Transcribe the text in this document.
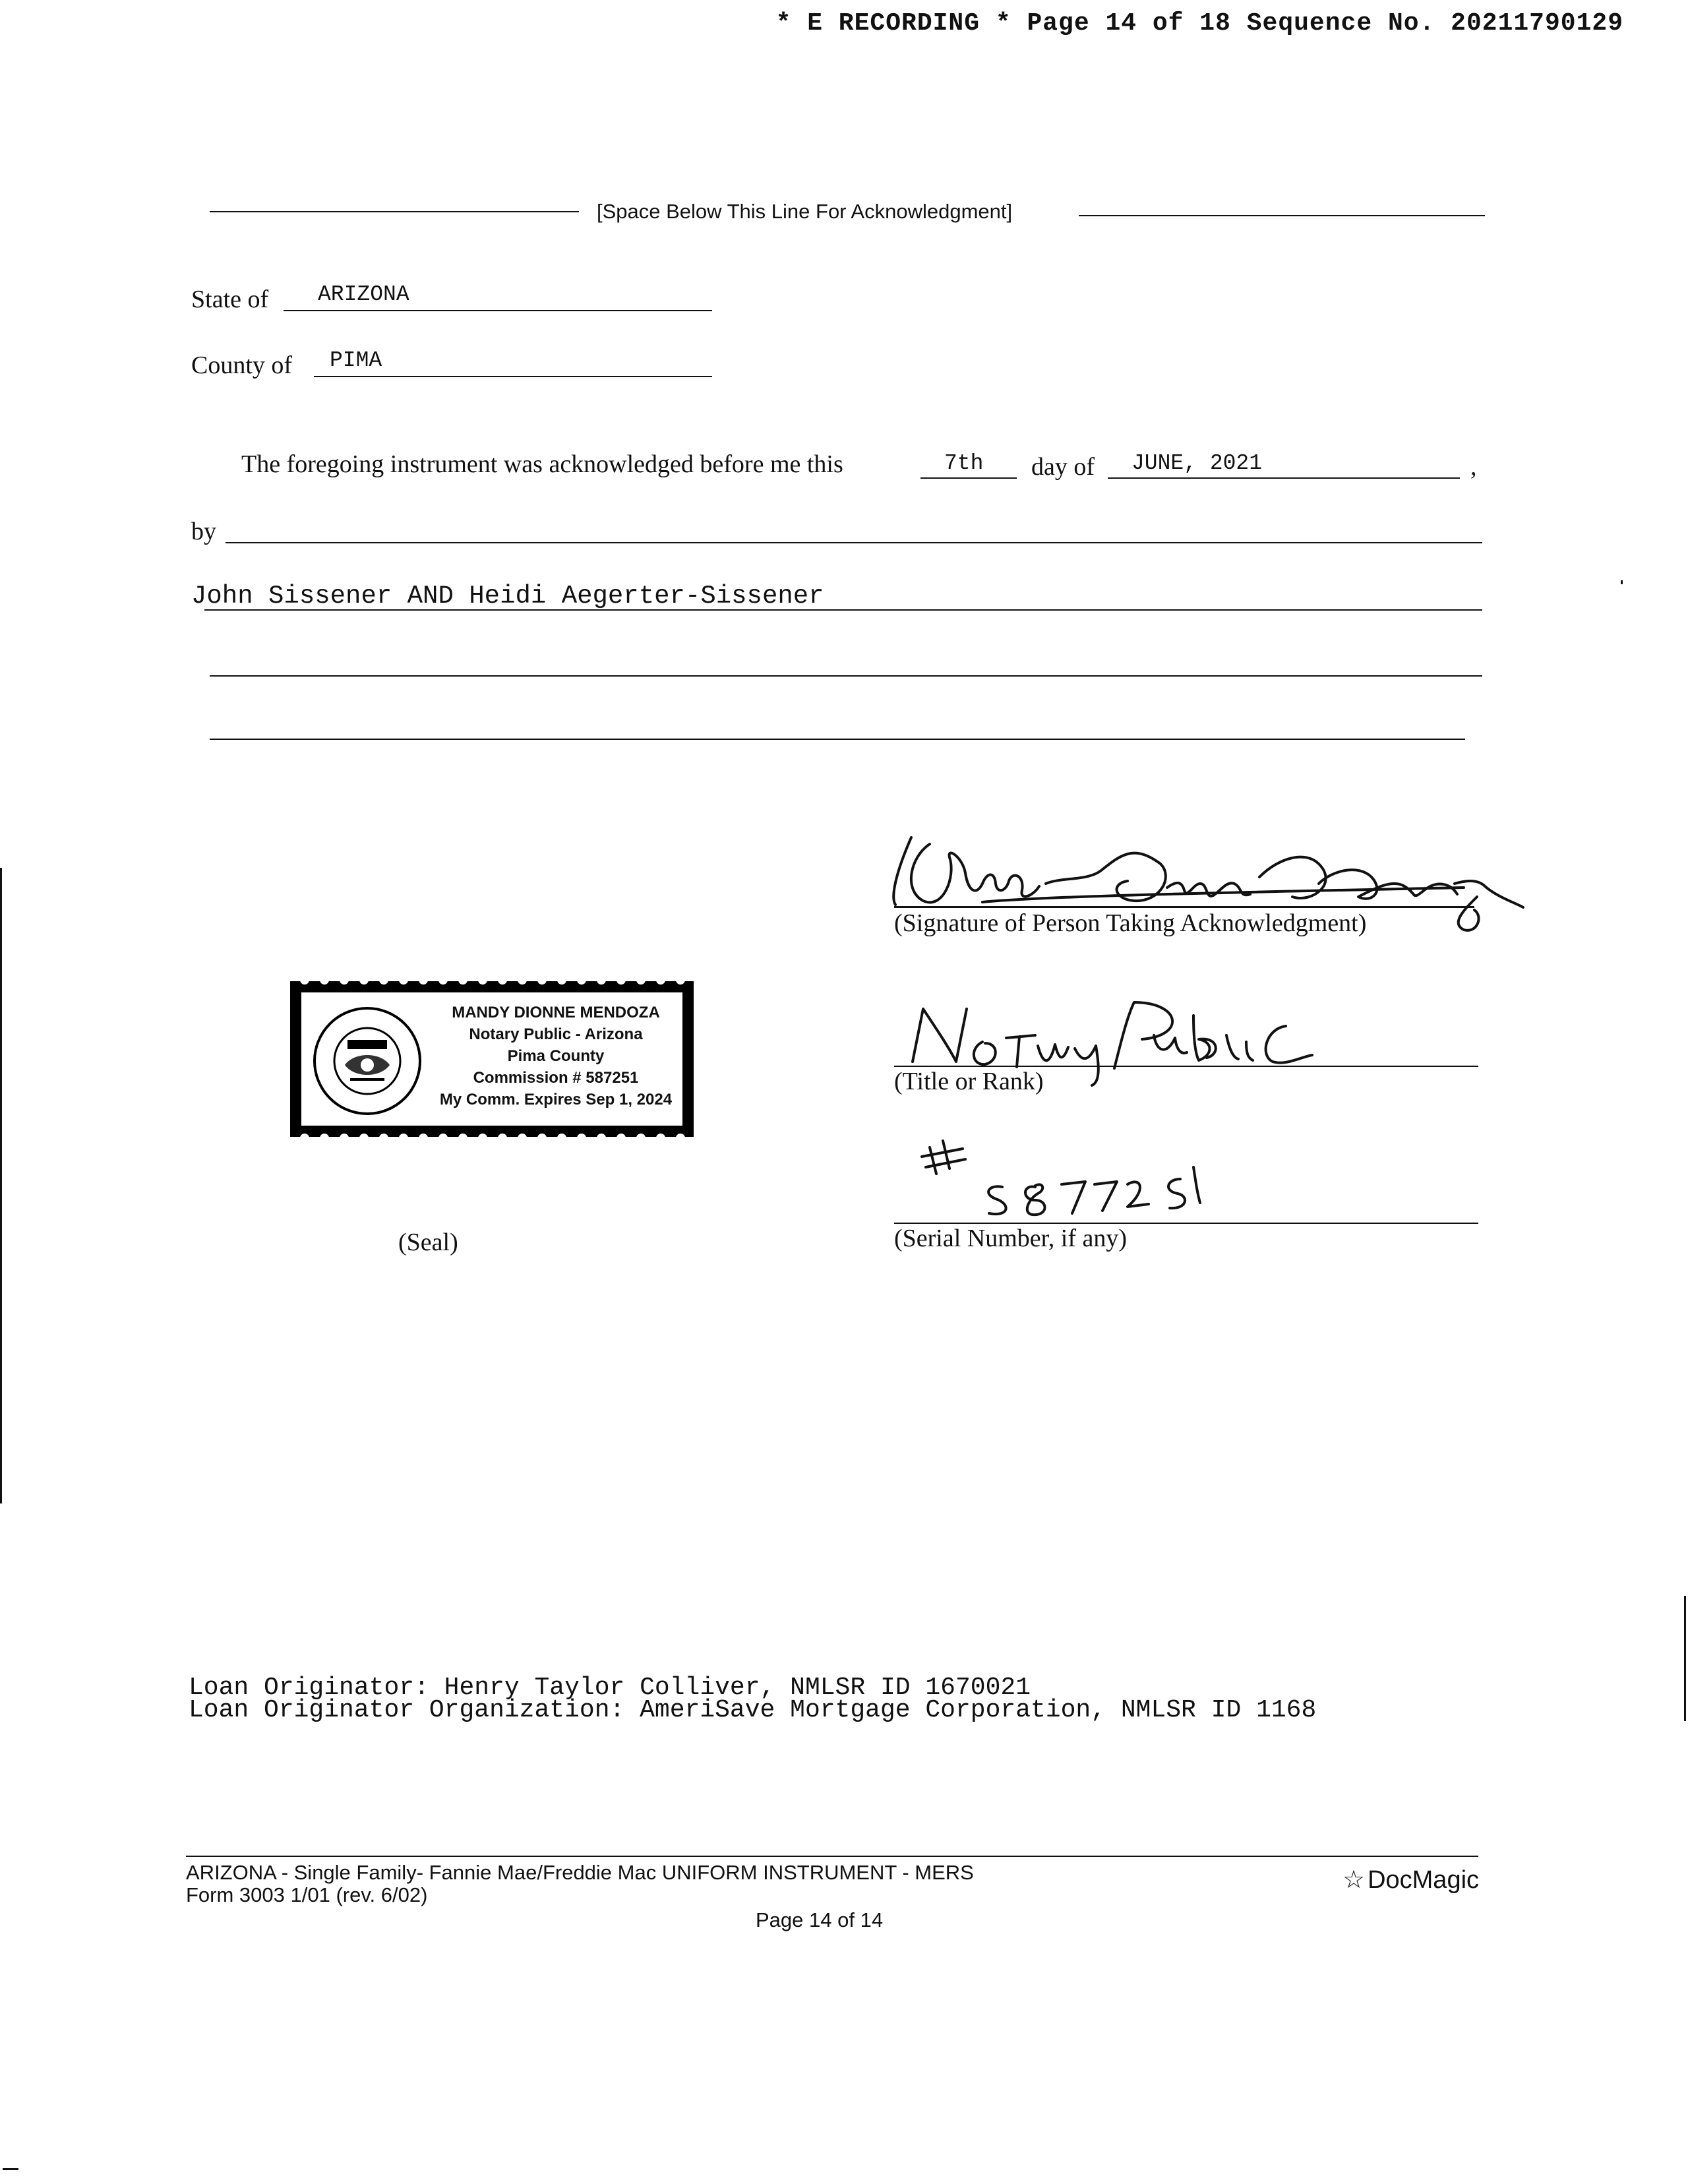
* E RECORDING * Page 14 of 18 Sequence No. 20211790129
[Space Below This Line For Acknowledgment]
State of ARIZONA
County of PIMA
The foregoing instrument was acknowledged before me this	7th day of JUNE, 2021	,
by
John Sissener AND Heidi Aegerter-Sissener
(Signature of Person Taking Acknowledgment)
(Title or Rank)
(Serial Number, if any)
MANDY DIONNE MENDOZA
Notary Public - Arizona
Pima County
Commission # 587251
My Comm. Expires Sep 1, 2024
(Seal)
Loan Originator: Henry Taylor Colliver, NMLSR ID 1670021
Loan Originator Organization: AmeriSave Mortgage Corporation, NMLSR ID 1168
ARIZONA - Single Family- Fannie Mae/Freddie Mac UNIFORM INSTRUMENT - MERS
Form 3003 1/01 (rev. 6/02)
Page 14 of 14
☆ DocMagic
